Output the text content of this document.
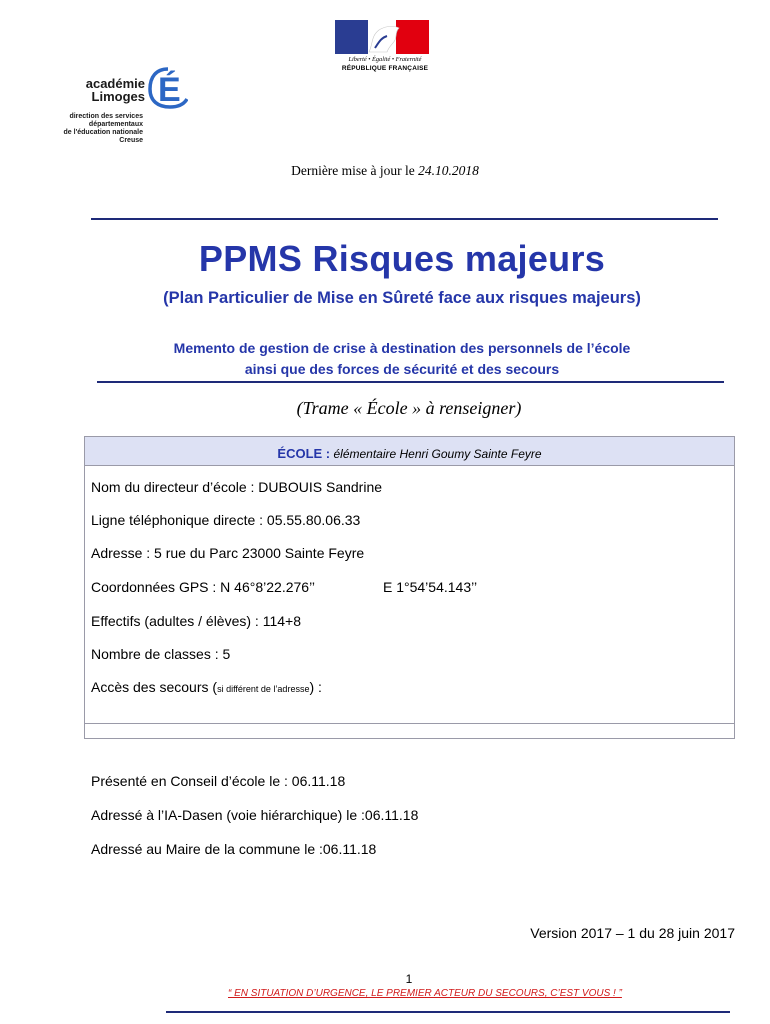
Liberté • Égalité • Fraternité
RÉPUBLIQUE FRANÇAISE
académie
Limoges É
direction des services
départementaux
de l'éducation nationale
Creuse
Dernière mise à jour le 24.10.2018
PPMS Risques majeurs
(Plan Particulier de Mise en Sûreté face aux risques majeurs)
Memento de gestion de crise à destination des personnels de l’école
ainsi que des forces de sécurité et des secours
(Trame « École » à renseigner)
ÉCOLE : élémentaire Henri Goumy Sainte Feyre
Nom du directeur d’école : DUBOUIS Sandrine
Ligne téléphonique directe : 05.55.80.06.33
Adresse : 5 rue du Parc 23000 Sainte Feyre
Coordonnées GPS : N 46°8’22.276’’	E 1°54’54.143’’
Effectifs (adultes / élèves) : 114+8
Nombre de classes : 5
Accès des secours (si différent de l’adresse) :
Présenté en Conseil d’école le : 06.11.18
Adressé à l’IA-Dasen (voie hiérarchique) le :06.11.18
Adressé au Maire de la commune le :06.11.18
Version 2017 – 1 du 28 juin 2017
1
“ EN SITUATION D’URGENCE, LE PREMIER ACTEUR DU SECOURS, C’EST VOUS ! ”
